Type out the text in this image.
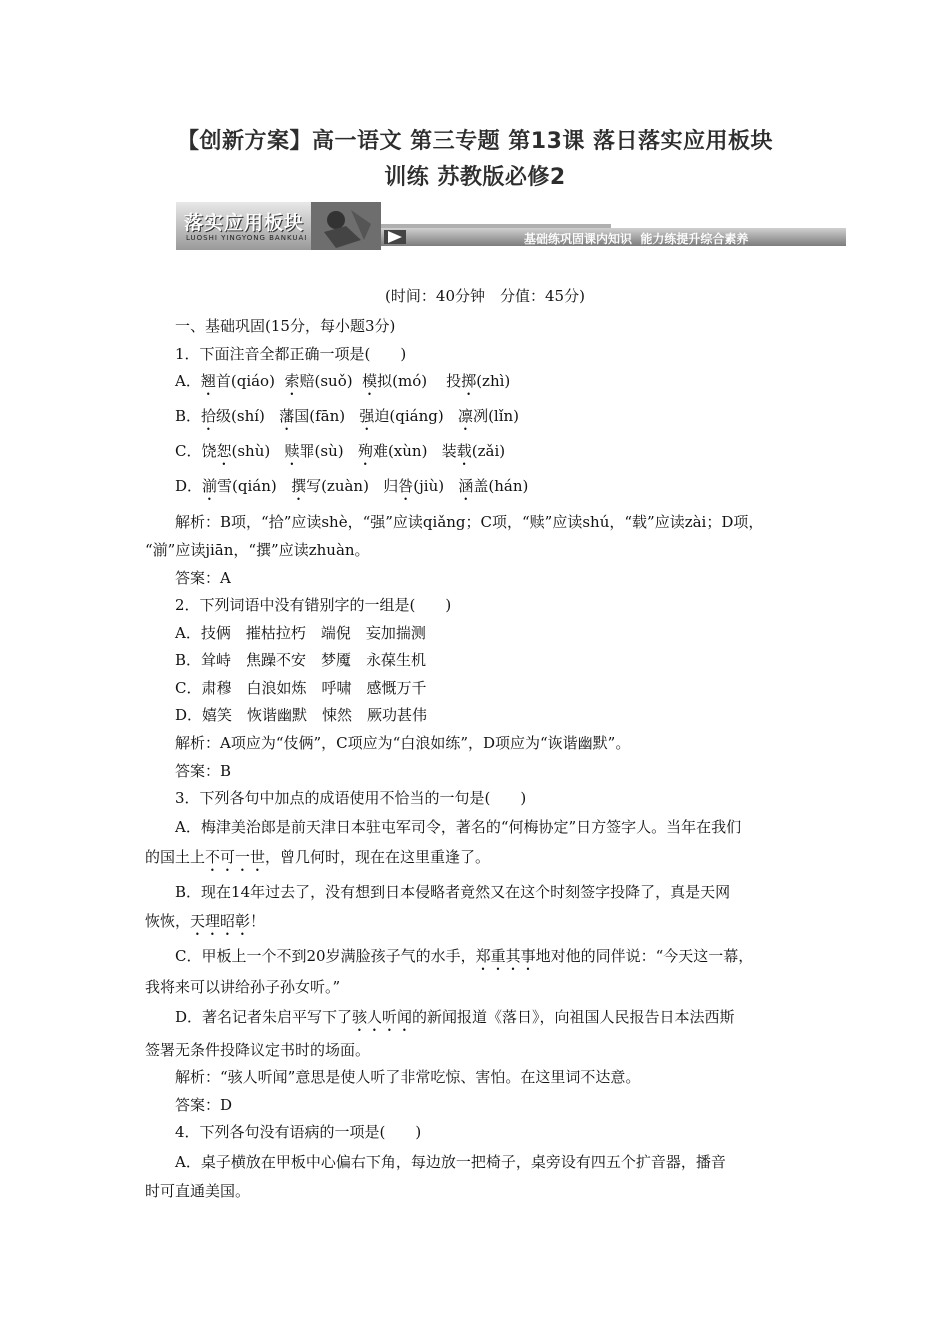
【创新方案】高一语文 第三专题 第13课 落日落实应用板块
训练 苏教版必修2
落实应用板块
LUOSHI YINGYONG BANKUAI	基础练巩固课内知识  能力练提升综合素养
(时间：40分钟　分值：45分)
一、基础巩固(15分，每小题3分)
1．下面注音全都正确一项是(　　)
A．翘首(qiáo)  索赔(suǒ)  模拟(mó)    投掷(zhì)
B．拾级(shí)   藩国(fān)   强迫(qiáng)   凛冽(lǐn)
C．饶恕(shù)   赎罪(sù)   殉难(xùn)   装载(zǎi)
D．湔雪(qián)   撰写(zuàn)   归咎(jiù)   涵盖(hán)
解析：B项，“拾”应读shè，“强”应读qiǎng；C项，“赎”应读shú，“载”应读zài；D项，
“湔”应读jiān，“撰”应读zhuàn。
答案：A
2．下列词语中没有错别字的一组是(　　)
A．技俩　摧枯拉朽　端倪　妄加揣测
B．耸峙　焦躁不安　梦魇　永葆生机
C．肃穆　白浪如炼　呼啸　感慨万千
D．嬉笑　恢谐幽默　悚然　厥功甚伟
解析：A项应为“伎俩”，C项应为“白浪如练”，D项应为“诙谐幽默”。
答案：B
3．下列各句中加点的成语使用不恰当的一句是(　　)
A．梅津美治郎是前天津日本驻屯军司令，著名的“何梅协定”日方签字人。当年在我们
的国土上不可一世，曾几何时，现在在这里重逢了。
B．现在14年过去了，没有想到日本侵略者竟然又在这个时刻签字投降了，真是天网
恢恢，天理昭彰！
C．甲板上一个不到20岁满脸孩子气的水手，郑重其事地对他的同伴说：“今天这一幕，
我将来可以讲给孙子孙女听。”
D．著名记者朱启平写下了骇人听闻的新闻报道《落日》，向祖国人民报告日本法西斯
签署无条件投降议定书时的场面。
解析：“骇人听闻”意思是使人听了非常吃惊、害怕。在这里词不达意。
答案：D
4．下列各句没有语病的一项是(　　)
A．桌子横放在甲板中心偏右下角，每边放一把椅子，桌旁设有四五个扩音器，播音
时可直通美国。
